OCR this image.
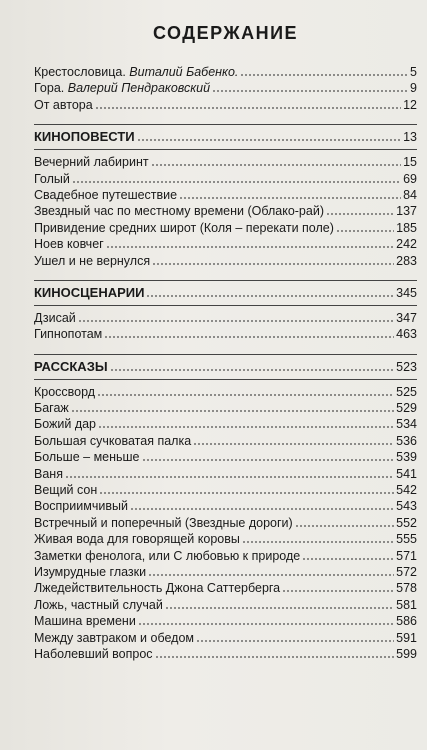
СОДЕРЖАНИЕ
Крестословица. Виталий Бабенко.	5
Гора. Валерий Пендраковский	9
От автора	12
КИНОПОВЕСТИ	13
Вечерний лабиринт	15
Голый	69
Свадебное путешествие	84
Звездный час по местному времени (Облако-рай)	137
Привидение средних широт (Коля – перекати поле)	185
Ноев ковчег	242
Ушел и не вернулся	283
КИНОСЦЕНАРИИ	345
Дзисай	347
Гипнопотам	463
РАССКАЗЫ	523
Кроссворд	525
Багаж	529
Божий дар	534
Большая сучковатая палка	536
Больше – меньше	539
Ваня	541
Вещий сон	542
Восприимчивый	543
Встречный и поперечный (Звездные дороги)	552
Живая вода для говорящей коровы	555
Заметки фенолога, или С любовью к природе	571
Изумрудные глазки	572
Лжедействительность Джона Саттерберга	578
Ложь, частный случай	581
Машина времени	586
Между завтраком и обедом	591
Наболевший вопрос	599
